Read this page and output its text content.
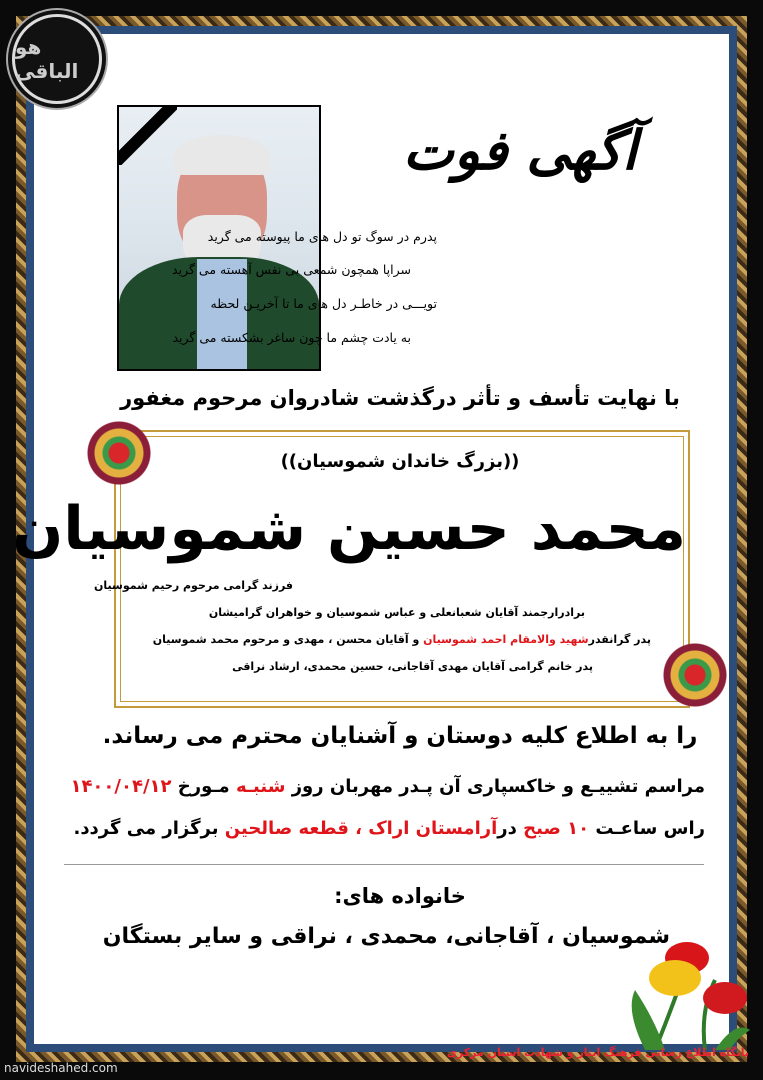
هو الباقی
آگهی فوت
پدرم در سوگ تو دل های ما پیوسته می گرید
سراپا همچون شمعی بی نفس آهسته می گرید
تویـــی در خاطـر دل های ما تا آخریـن لحظه
به یادت چشم ما چون ساغر بشکسته می گرید
با نهایت تأسف و تأثر درگذشت شادروان مرحوم مغفور
((بزرگ خاندان شموسیان))
محمد حسین شموسیان
فرزند گرامی مرحوم رحیم شموسیان
برادرارجمند آقایان شعبانعلی و عباس شموسیان و خواهران گرامیشان
پدر گرانقدرشهید والامقام احمد شموسیان و آقایان محسن ، مهدی و مرحوم محمد شموسیان
پدر خانم گرامی آقایان مهدی آقاجانی، حسین محمدی، ارشاد نراقی
را به اطلاع کلیه دوستان و آشنایان محترم می رساند.
مراسم تشییـع و خاکسپاری آن پـدر مهربان روز شنبـه مـورخ ۱۴۰۰/۰۴/۱۲
راس ساعـت ۱۰ صبح درآرامستان اراک ، قطعه صالحین برگزار می گردد.
خانواده های:
شموسیان ، آقاجانی، محمدی ، نراقی و سایر بستگان
navideshahed.com
پایگاه اطلاع رسانی فرهنگ ایثار و شهادت استان مرکزی
